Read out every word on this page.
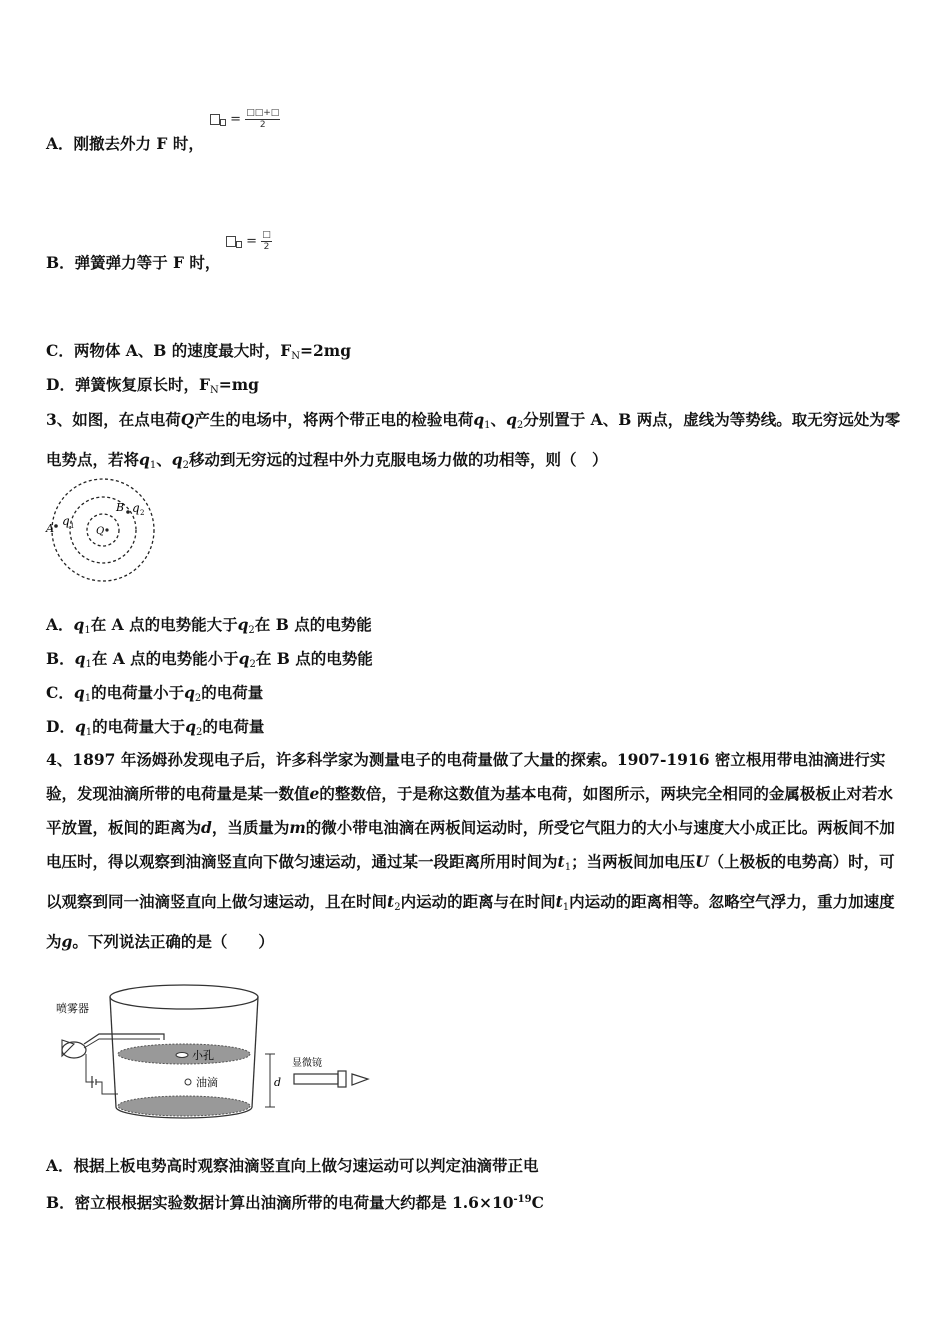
A．刚撤去外力 F 时，
= $\frac{□□+□}{2}$
B．弹簧弹力等于 F 时，
= $\frac{□}{2}$
C．两物体 A、B 的速度最大时，$F_N=2mg$
D．弹簧恢复原长时，$F_N=mg$
3、如图，在点电荷Q产生的电场中，将两个带正电的检验电荷$q_1$、$q_2$分别置于 A、B 两点，虚线为等势线。取无穷远处为零电势点，若将$q_1$、$q_2$移动到无穷远的过程中外力克服电场力做的功相等，则（　）
Q
A
q 1
B q 2
A．$q_1$在 A 点的电势能大于$q_2$在 B 点的电势能
B．$q_1$在 A 点的电势能小于$q_2$在 B 点的电势能
C．$q_1$的电荷量小于$q_2$的电荷量
D．$q_1$的电荷量大于$q_2$的电荷量
4、1897 年汤姆孙发现电子后，许多科学家为测量电子的电荷量做了大量的探索。1907-1916 密立根用带电油滴进行实验，发现油滴所带的电荷量是某一数值e的整数倍，于是称这数值为基本电荷，如图所示，两块完全相同的金属极板止对若水平放置，板间的距离为d，当质量为m的微小带电油滴在两板间运动时，所受它气阻力的大小与速度大小成正比。两板间不加电压时，得以观察到油滴竖直向下做匀速运动，通过某一段距离所用时间为$t_1$；当两板间加电压U（上极板的电势高）时，可以观察到同一油滴竖直向上做匀速运动，且在时间$t_2$内运动的距离与在时间$t_1$内运动的距离相等。忽略空气浮力，重力加速度为g。下列说法正确的是（　　）
喷雾器
小孔
油滴	d
显微镜
A．根据上板电势高时观察油滴竖直向上做匀速运动可以判定油滴带正电
B．密立根根据实验数据计算出油滴所带的电荷量大约都是 $1.6\times 10^{-19}C$
